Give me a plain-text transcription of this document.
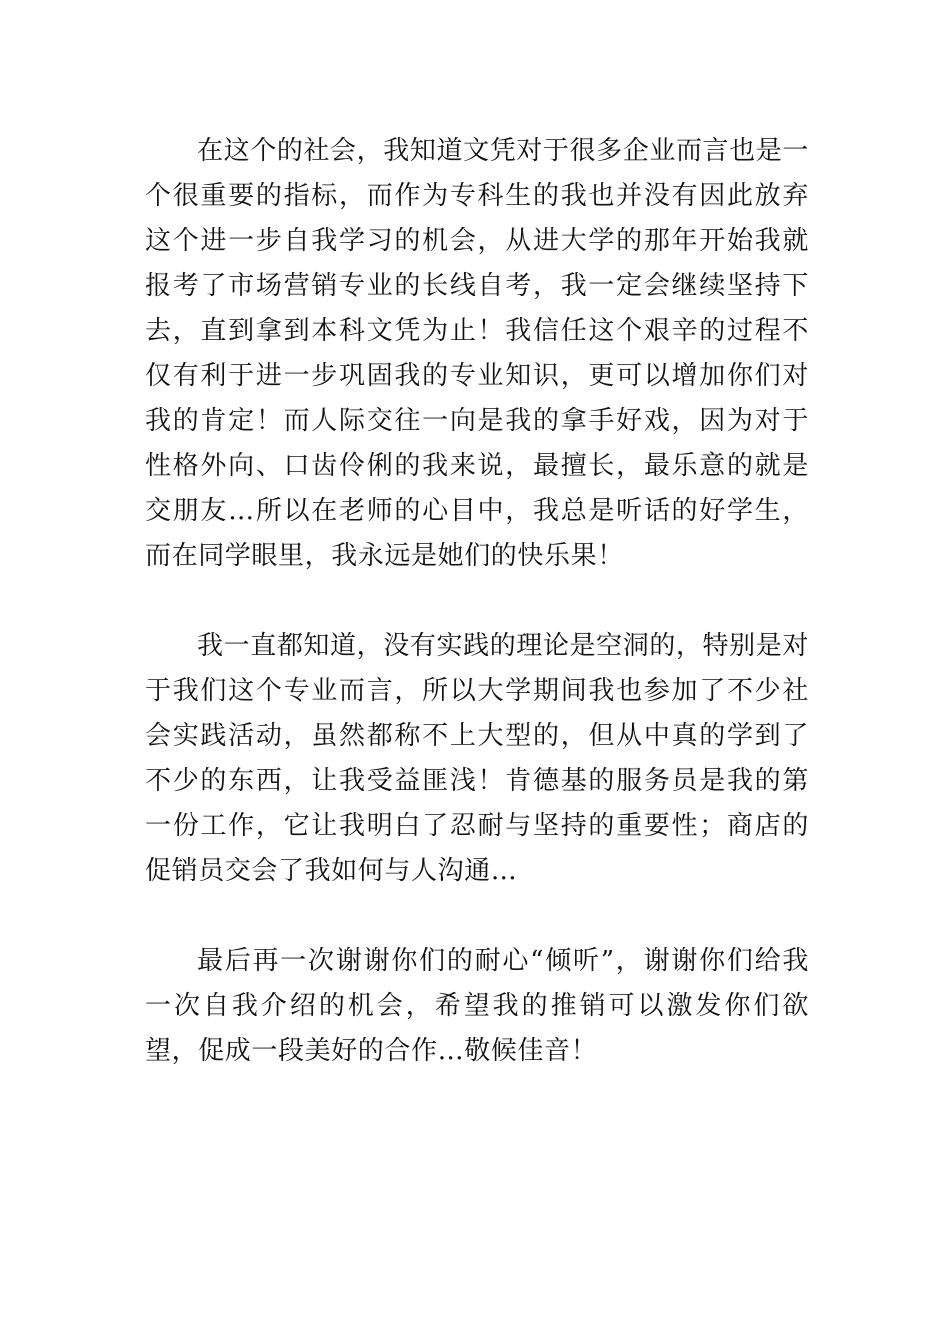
在这个的社会，我知道文凭对于很多企业而言也是一个很重要的指标，而作为专科生的我也并没有因此放弃这个进一步自我学习的机会，从进大学的那年开始我就报考了市场营销专业的长线自考，我一定会继续坚持下去，直到拿到本科文凭为止！我信任这个艰辛的过程不仅有利于进一步巩固我的专业知识，更可以增加你们对我的肯定！而人际交往一向是我的拿手好戏，因为对于性格外向、口齿伶俐的我来说，最擅长，最乐意的就是交朋友…所以在老师的心目中，我总是听话的好学生，而在同学眼里，我永远是她们的快乐果！

我一直都知道，没有实践的理论是空洞的，特别是对于我们这个专业而言，所以大学期间我也参加了不少社会实践活动，虽然都称不上大型的，但从中真的学到了不少的东西，让我受益匪浅！肯德基的服务员是我的第一份工作，它让我明白了忍耐与坚持的重要性；商店的促销员交会了我如何与人沟通…

最后再一次谢谢你们的耐心“倾听”，谢谢你们给我一次自我介绍的机会，希望我的推销可以激发你们欲望，促成一段美好的合作…敬候佳音！
